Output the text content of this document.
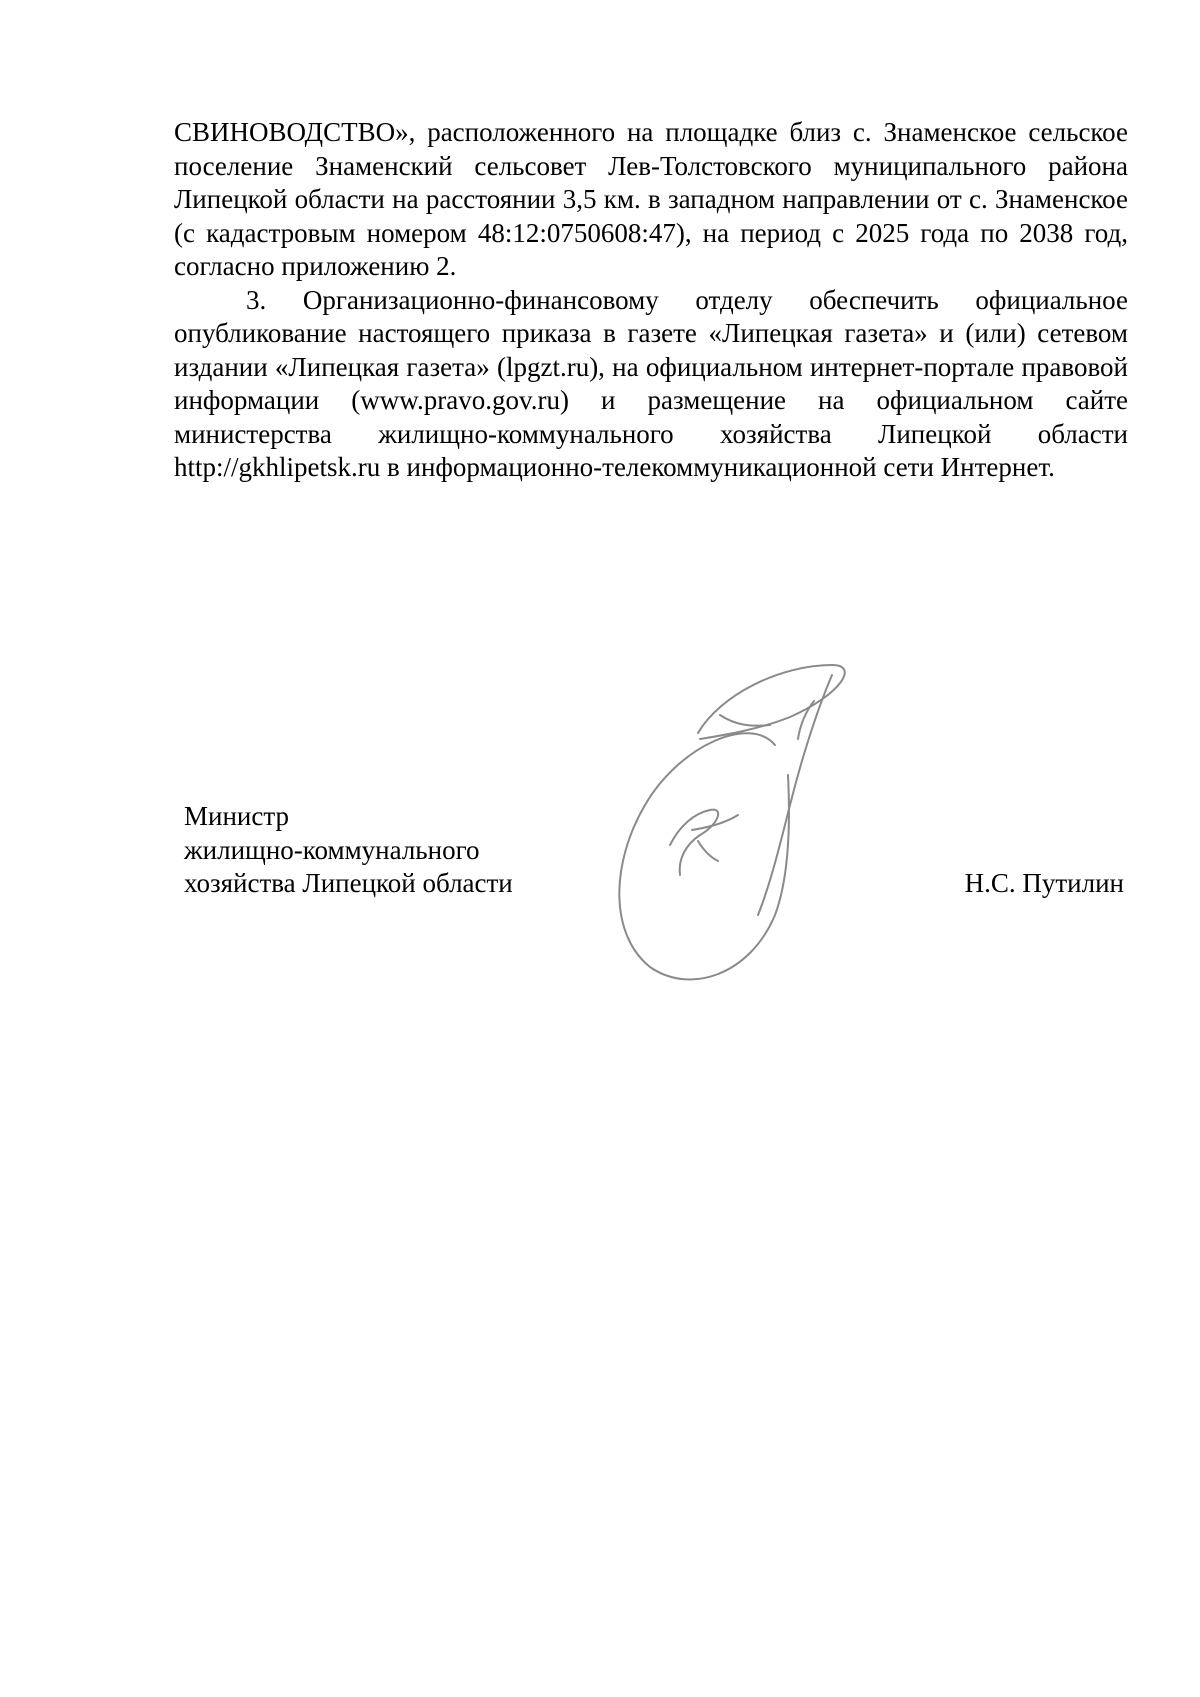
СВИНОВОДСТВО», расположенного на площадке близ с. Знаменское сельское поселение Знаменский сельсовет Лев-Толстовского муниципального района Липецкой области на расстоянии 3,5 км. в западном направлении от с. Знаменское (с кадастровым номером 48:12:0750608:47), на период с 2025 года по 2038 год, согласно приложению 2.

3. Организационно-финансовому отделу обеспечить официальное опубликование настоящего приказа в газете «Липецкая газета» и (или) сетевом издании «Липецкая газета» (lpgzt.ru), на официальном интернет-портале правовой информации (www.pravo.gov.ru) и размещение на официальном сайте министерства жилищно-коммунального хозяйства Липецкой области http://gkhlipetsk.ru в информационно-телекоммуникационной сети Интернет.

Министр
жилищно-коммунального
хозяйства Липецкой области	Н.С. Путилин
